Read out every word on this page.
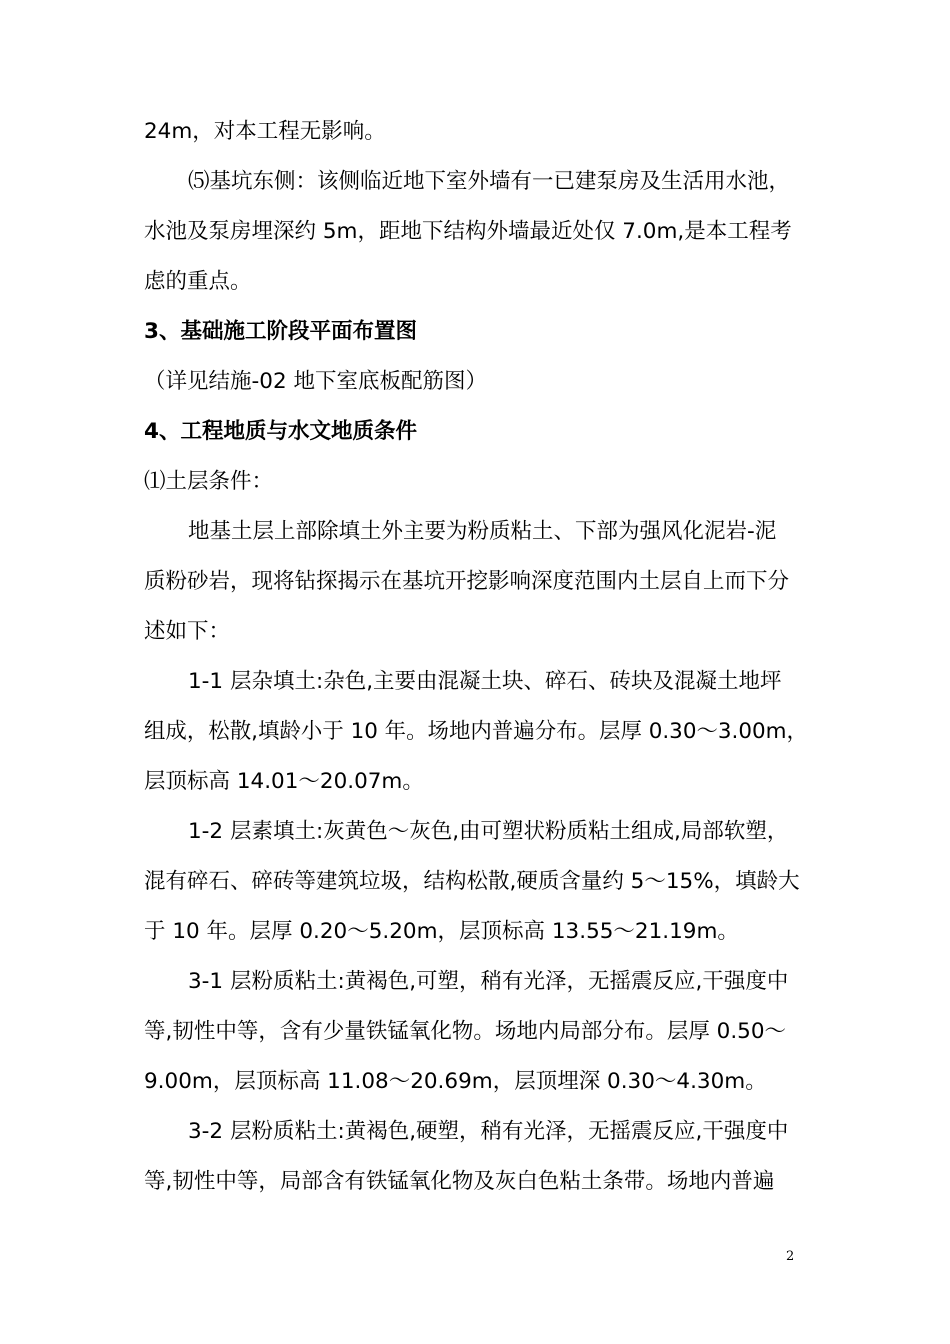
24m，对本工程无影响。
⑸基坑东侧：该侧临近地下室外墙有一已建泵房及生活用水池，
水池及泵房埋深约 5m，距地下结构外墙最近处仅 7.0m,是本工程考
虑的重点。
3、基础施工阶段平面布置图
（详见结施-02 地下室底板配筋图）
4、工程地质与水文地质条件
⑴土层条件：
地基土层上部除填土外主要为粉质粘土、下部为强风化泥岩-泥
质粉砂岩，现将钻探揭示在基坑开挖影响深度范围内土层自上而下分
述如下：
1-1 层杂填土:杂色,主要由混凝土块、碎石、砖块及混凝土地坪
组成，松散,填龄小于 10 年。场地内普遍分布。层厚 0.30～3.00m，
层顶标高 14.01～20.07m。
1-2 层素填土:灰黄色～灰色,由可塑状粉质粘土组成,局部软塑，
混有碎石、碎砖等建筑垃圾，结构松散,硬质含量约 5～15%，填龄大
于 10 年。层厚 0.20～5.20m，层顶标高 13.55～21.19m。
3-1 层粉质粘土:黄褐色,可塑，稍有光泽，无摇震反应,干强度中
等,韧性中等，含有少量铁锰氧化物。场地内局部分布。层厚 0.50～
9.00m，层顶标高 11.08～20.69m，层顶埋深 0.30～4.30m。
3-2 层粉质粘土:黄褐色,硬塑，稍有光泽，无摇震反应,干强度中
等,韧性中等，局部含有铁锰氧化物及灰白色粘土条带。场地内普遍
2
